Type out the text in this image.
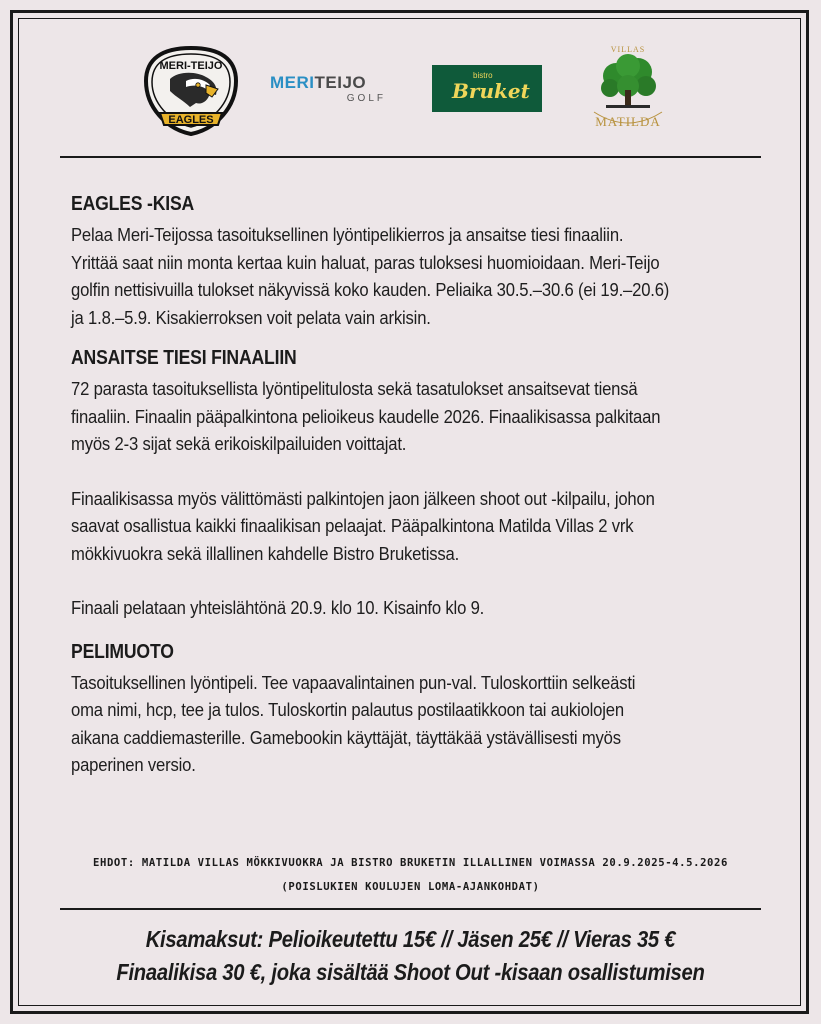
MERI-TEIJO
EAGLES
MERITEIJO
GOLF
bistro
Bruket
VILLAS
MATILDA
EAGLES -KISA
Pelaa Meri-Teijossa tasoituksellinen lyöntipelikierros ja ansaitse tiesi finaaliin.
Yrittää saat niin monta kertaa kuin haluat, paras tuloksesi huomioidaan. Meri-Teijo
golfin nettisivuilla tulokset näkyvissä koko kauden. Peliaika 30.5.–30.6 (ei 19.–20.6)
ja 1.8.–5.9. Kisakierroksen voit pelata vain arkisin.
ANSAITSE TIESI FINAALIIN
72 parasta tasoituksellista lyöntipelitulosta sekä tasatulokset ansaitsevat tiensä
finaaliin. Finaalin pääpalkintona pelioikeus kaudelle 2026. Finaalikisassa palkitaan
myös 2-3 sijat sekä erikoiskilpailuiden voittajat.
Finaalikisassa myös välittömästi palkintojen jaon jälkeen shoot out -kilpailu, johon
saavat osallistua kaikki finaalikisan pelaajat. Pääpalkintona Matilda Villas 2 vrk
mökkivuokra sekä illallinen kahdelle Bistro Bruketissa.
Finaali pelataan yhteislähtönä 20.9. klo 10. Kisainfo klo 9.
PELIMUOTO
Tasoituksellinen lyöntipeli. Tee vapaavalintainen pun-val. Tuloskorttiin selkeästi
oma nimi, hcp, tee ja tulos. Tuloskortin palautus postilaatikkoon tai aukiolojen
aikana caddiemasterille. Gamebookin käyttäjät, täyttäkää ystävällisesti myös
paperinen versio.
EHDOT: MATILDA VILLAS MÖKKIVUOKRA JA BISTRO BRUKETIN ILLALLINEN VOIMASSA 20.9.2025-4.5.2026
(POISLUKIEN KOULUJEN LOMA-AJANKOHDAT)
Kisamaksut: Pelioikeutettu 15€ // Jäsen 25€ // Vieras 35 €
Finaalikisa 30 €, joka sisältää Shoot Out -kisaan osallistumisen
